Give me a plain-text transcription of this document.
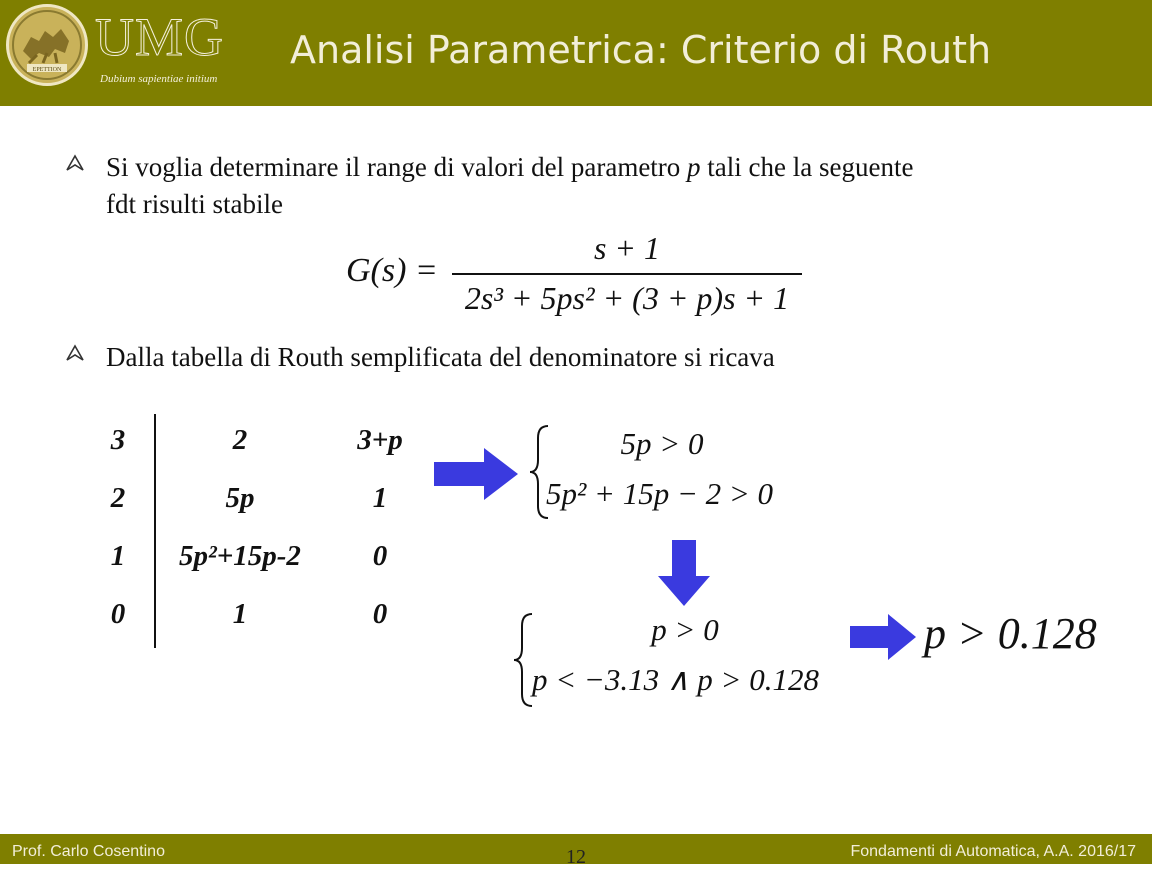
EPETTION
UMG
Dubium sapientiae initium
Analisi Parametrica: Criterio di Routh
Si voglia determinare il range di valori del parametro p tali che la seguente
fdt risulti stabile
G(s) =
s + 1
2s³ + 5ps² + (3 + p)s + 1
Dalla tabella di Routh semplificata del denominatore si ricava
3	2	3+p
2	5p	1
1	5p²+15p-2	0
0	1	0
5p > 0
5p² + 15p − 2 > 0
p > 0
p < −3.13 ∧ p > 0.128
p > 0.128
Prof. Carlo Cosentino	12	Fondamenti di Automatica, A.A. 2016/17
